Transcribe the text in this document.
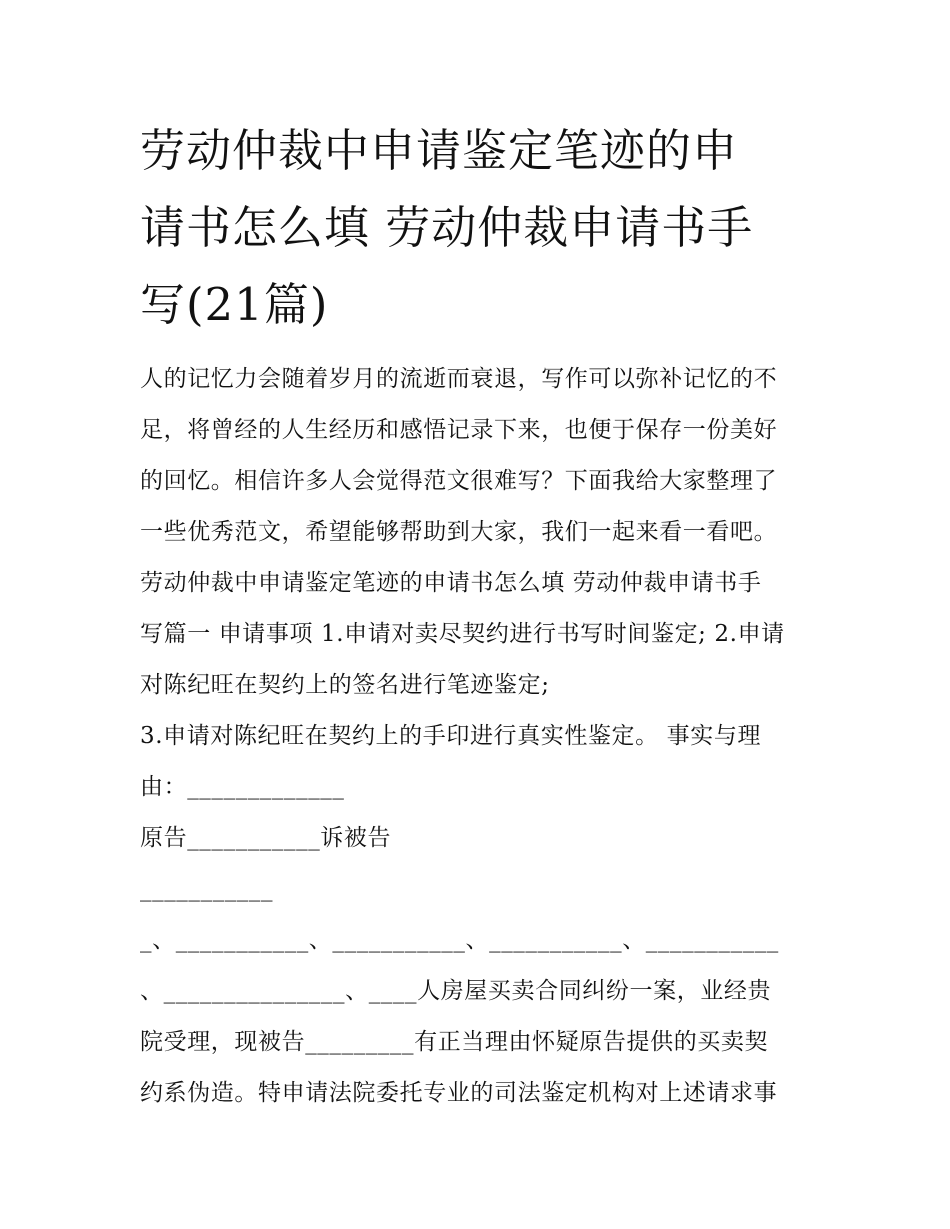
劳动仲裁中申请鉴定笔迹的申
请书怎么填 劳动仲裁申请书手
写(21篇)
人的记忆力会随着岁月的流逝而衰退，写作可以弥补记忆的不
足，将曾经的人生经历和感悟记录下来，也便于保存一份美好
的回忆。相信许多人会觉得范文很难写？下面我给大家整理了
一些优秀范文，希望能够帮助到大家，我们一起来看一看吧。
劳动仲裁中申请鉴定笔迹的申请书怎么填 劳动仲裁申请书手
写篇一 申请事项 1.申请对卖尽契约进行书写时间鉴定; 2.申请
对陈纪旺在契约上的签名进行笔迹鉴定;
3.申请对陈纪旺在契约上的手印进行真实性鉴定。 事实与理
由：_____________
原告___________诉被告
___________
_、___________、___________、___________、___________
、_______________、____人房屋买卖合同纠纷一案，业经贵
院受理，现被告_________有正当理由怀疑原告提供的买卖契
约系伪造。特申请法院委托专业的司法鉴定机构对上述请求事
